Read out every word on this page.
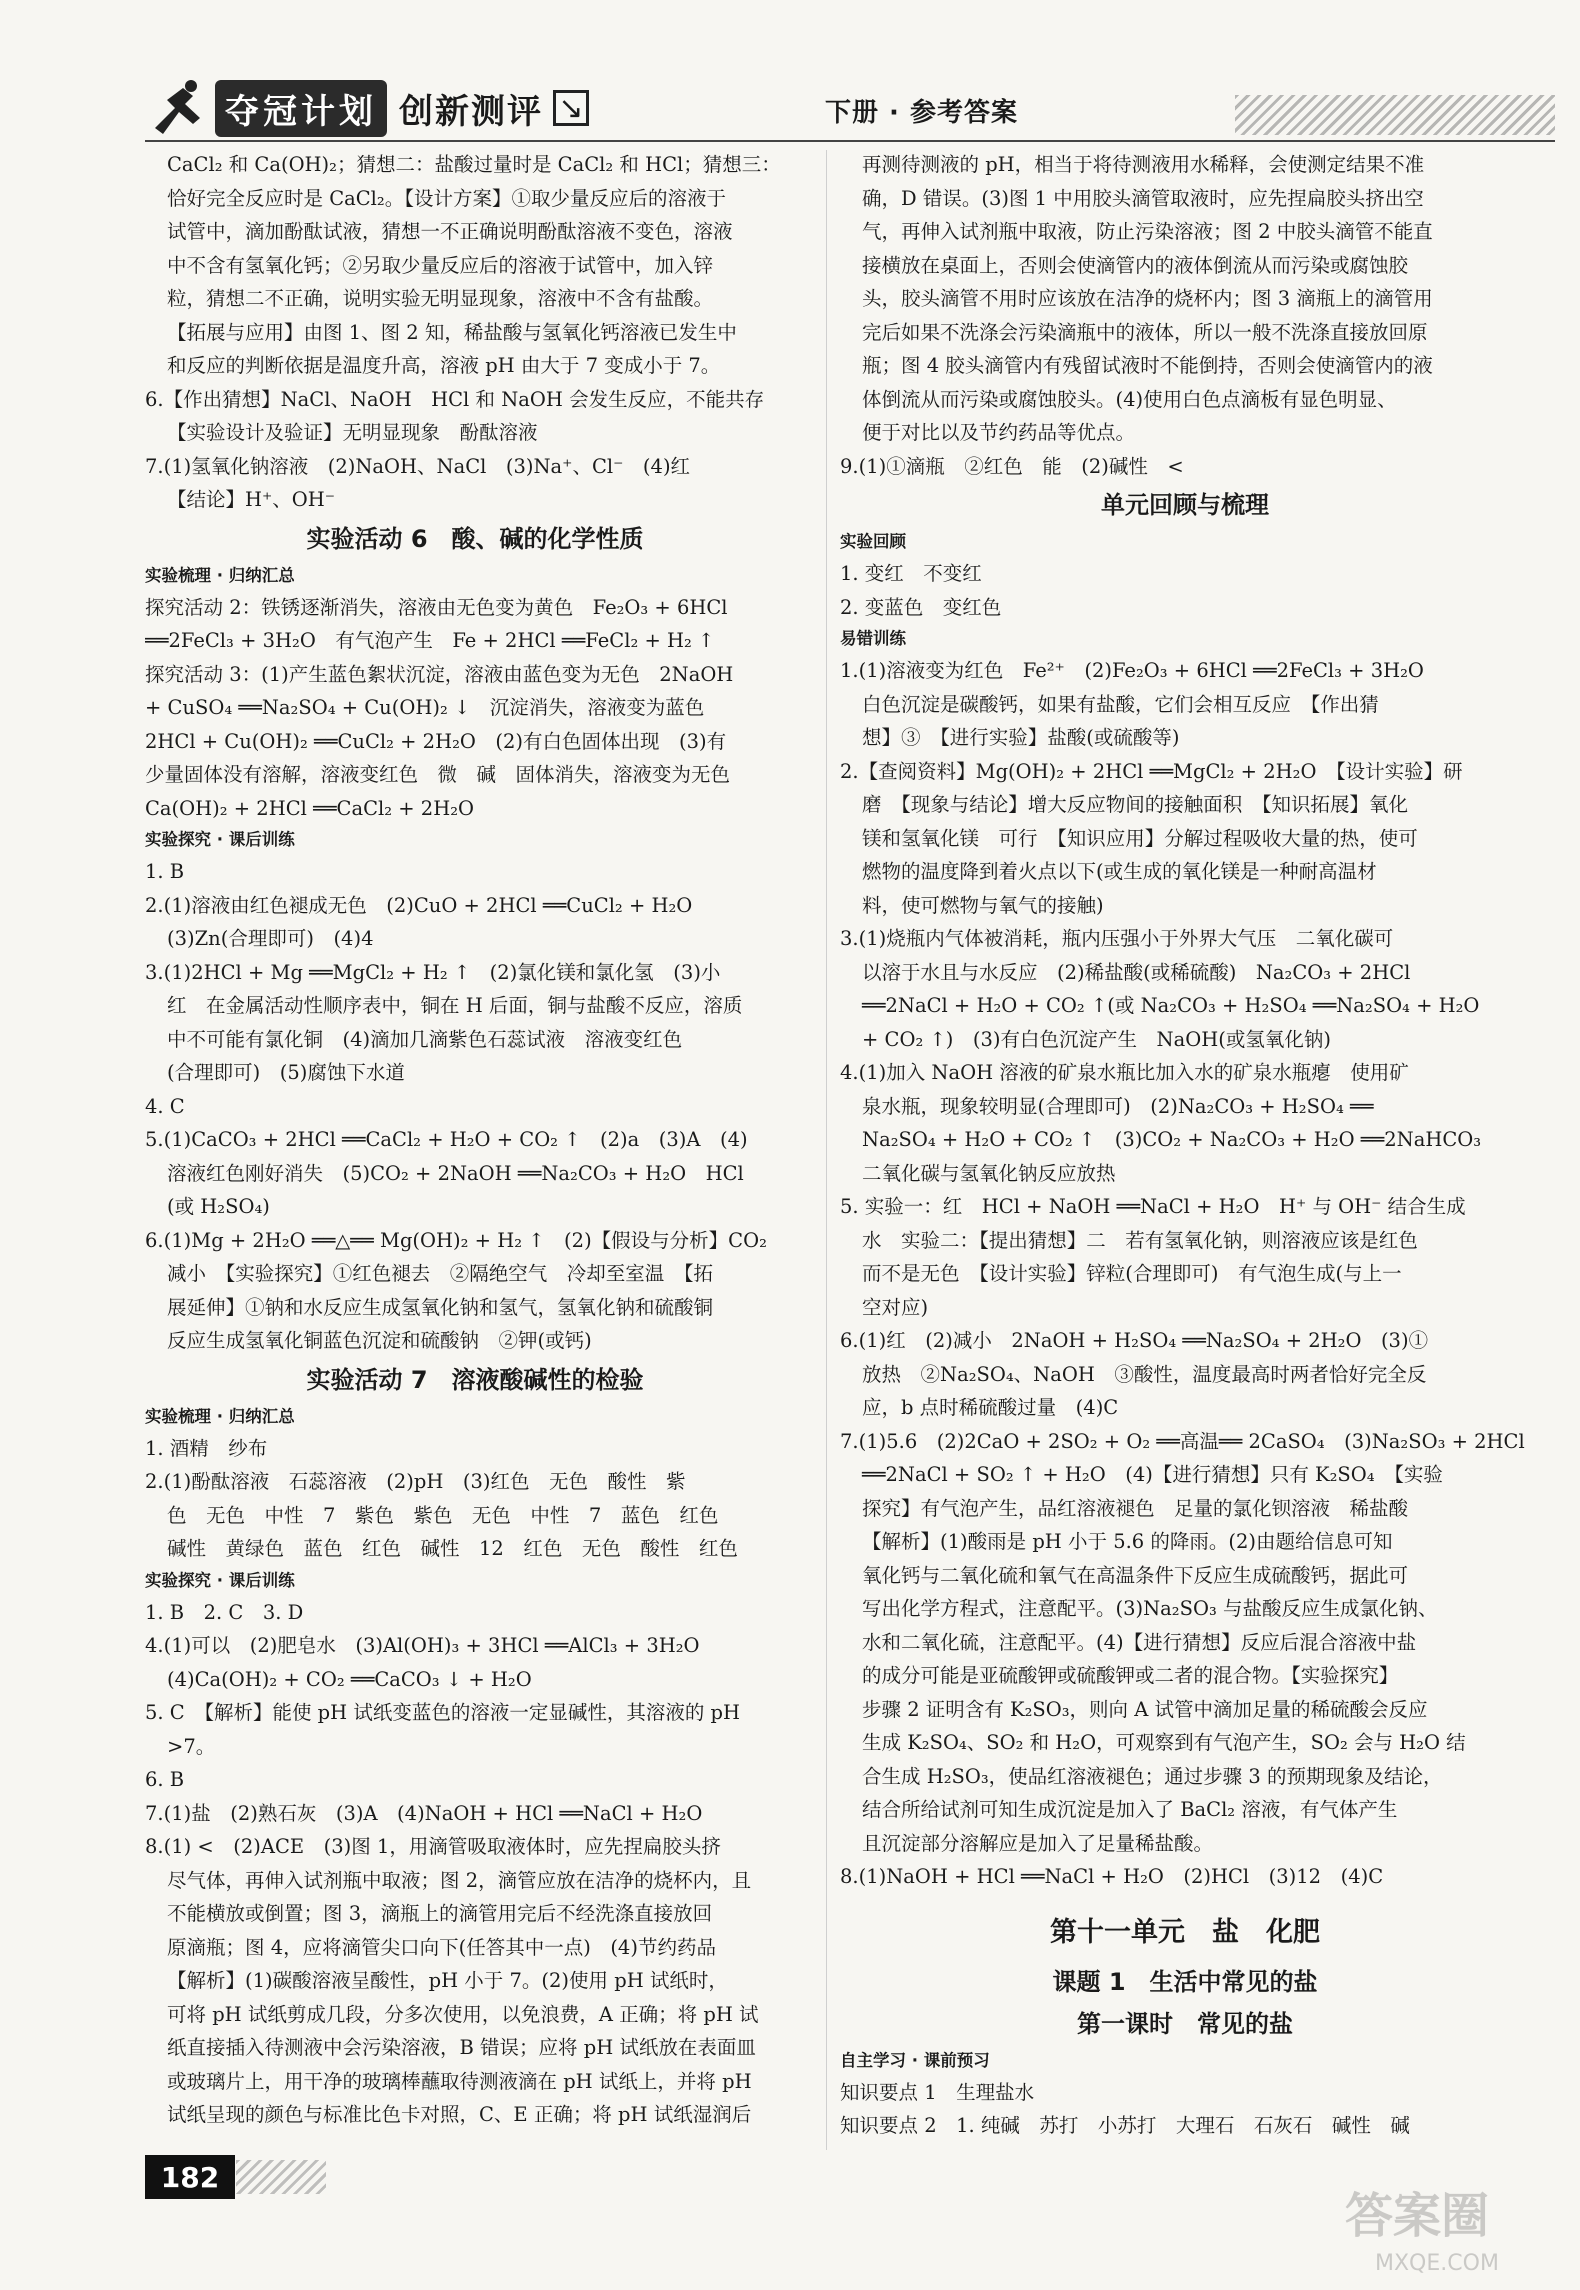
夺冠计划 创新测评 ↘	下册 · 参考答案
CaCl₂ 和 Ca(OH)₂；猜想二：盐酸过量时是 CaCl₂ 和 HCl；猜想三：
恰好完全反应时是 CaCl₂。【设计方案】①取少量反应后的溶液于
试管中，滴加酚酞试液，猜想一不正确说明酚酞溶液不变色，溶液
中不含有氢氧化钙；②另取少量反应后的溶液于试管中，加入锌
粒，猜想二不正确，说明实验无明显现象，溶液中不含有盐酸。
【拓展与应用】由图 1、图 2 知，稀盐酸与氢氧化钙溶液已发生中
和反应的判断依据是温度升高，溶液 pH 由大于 7 变成小于 7。
6.【作出猜想】NaCl、NaOH　HCl 和 NaOH 会发生反应，不能共存
【实验设计及验证】无明显现象　酚酞溶液
7.(1)氢氧化钠溶液　(2)NaOH、NaCl　(3)Na⁺、Cl⁻　(4)红
【结论】H⁺、OH⁻
实验活动 6　酸、碱的化学性质
实验梳理 · 归纳汇总
探究活动 2：铁锈逐渐消失，溶液由无色变为黄色　Fe₂O₃ + 6HCl
══2FeCl₃ + 3H₂O　有气泡产生　Fe + 2HCl ══FeCl₂ + H₂ ↑
探究活动 3：(1)产生蓝色絮状沉淀，溶液由蓝色变为无色　2NaOH
+ CuSO₄ ══Na₂SO₄ + Cu(OH)₂ ↓　沉淀消失，溶液变为蓝色
2HCl + Cu(OH)₂ ══CuCl₂ + 2H₂O　(2)有白色固体出现　(3)有
少量固体没有溶解，溶液变红色　微　碱　固体消失，溶液变为无色
Ca(OH)₂ + 2HCl ══CaCl₂ + 2H₂O
实验探究 · 课后训练
1. B
2.(1)溶液由红色褪成无色　(2)CuO + 2HCl ══CuCl₂ + H₂O
(3)Zn(合理即可)　(4)4
3.(1)2HCl + Mg ══MgCl₂ + H₂ ↑　(2)氯化镁和氯化氢　(3)小
红　在金属活动性顺序表中，铜在 H 后面，铜与盐酸不反应，溶质
中不可能有氯化铜　(4)滴加几滴紫色石蕊试液　溶液变红色
(合理即可)　(5)腐蚀下水道
4. C
5.(1)CaCO₃ + 2HCl ══CaCl₂ + H₂O + CO₂ ↑　(2)a　(3)A　(4)
溶液红色刚好消失　(5)CO₂ + 2NaOH ══Na₂CO₃ + H₂O　HCl
(或 H₂SO₄)
6.(1)Mg + 2H₂O ══△══ Mg(OH)₂ + H₂ ↑　(2)【假设与分析】CO₂
减小　【实验探究】①红色褪去　②隔绝空气　冷却至室温　【拓
展延伸】①钠和水反应生成氢氧化钠和氢气，氢氧化钠和硫酸铜
反应生成氢氧化铜蓝色沉淀和硫酸钠　②钾(或钙)
实验活动 7　溶液酸碱性的检验
实验梳理 · 归纳汇总
1. 酒精　纱布
2.(1)酚酞溶液　石蕊溶液　(2)pH　(3)红色　无色　酸性　紫
色　无色　中性　7　紫色　紫色　无色　中性　7　蓝色　红色
碱性　黄绿色　蓝色　红色　碱性　12　红色　无色　酸性　红色
实验探究 · 课后训练
1. B　2. C　3. D
4.(1)可以　(2)肥皂水　(3)Al(OH)₃ + 3HCl ══AlCl₃ + 3H₂O
(4)Ca(OH)₂ + CO₂ ══CaCO₃ ↓ + H₂O
5. C　【解析】能使 pH 试纸变蓝色的溶液一定显碱性，其溶液的 pH
>7。
6. B
7.(1)盐　(2)熟石灰　(3)A　(4)NaOH + HCl ══NaCl + H₂O
8.(1) <　(2)ACE　(3)图 1，用滴管吸取液体时，应先捏扁胶头挤
尽气体，再伸入试剂瓶中取液；图 2，滴管应放在洁净的烧杯内，且
不能横放或倒置；图 3，滴瓶上的滴管用完后不经洗涤直接放回
原滴瓶；图 4，应将滴管尖口向下(任答其中一点)　(4)节约药品
【解析】(1)碳酸溶液呈酸性，pH 小于 7。(2)使用 pH 试纸时，
可将 pH 试纸剪成几段，分多次使用，以免浪费，A 正确；将 pH 试
纸直接插入待测液中会污染溶液，B 错误；应将 pH 试纸放在表面皿
或玻璃片上，用干净的玻璃棒蘸取待测液滴在 pH 试纸上，并将 pH
试纸呈现的颜色与标准比色卡对照，C、E 正确；将 pH 试纸湿润后
再测待测液的 pH，相当于将待测液用水稀释，会使测定结果不准
确，D 错误。(3)图 1 中用胶头滴管取液时，应先捏扁胶头挤出空
气，再伸入试剂瓶中取液，防止污染溶液；图 2 中胶头滴管不能直
接横放在桌面上，否则会使滴管内的液体倒流从而污染或腐蚀胶
头，胶头滴管不用时应该放在洁净的烧杯内；图 3 滴瓶上的滴管用
完后如果不洗涤会污染滴瓶中的液体，所以一般不洗涤直接放回原
瓶；图 4 胶头滴管内有残留试液时不能倒持，否则会使滴管内的液
体倒流从而污染或腐蚀胶头。(4)使用白色点滴板有显色明显、
便于对比以及节约药品等优点。
9.(1)①滴瓶　②红色　能　(2)碱性　<
单元回顾与梳理
实验回顾
1. 变红　不变红
2. 变蓝色　变红色
易错训练
1.(1)溶液变为红色　Fe²⁺　(2)Fe₂O₃ + 6HCl ══2FeCl₃ + 3H₂O
白色沉淀是碳酸钙，如果有盐酸，它们会相互反应　【作出猜
想】③　【进行实验】盐酸(或硫酸等)
2.【查阅资料】Mg(OH)₂ + 2HCl ══MgCl₂ + 2H₂O　【设计实验】研
磨　【现象与结论】增大反应物间的接触面积　【知识拓展】氧化
镁和氢氧化镁　可行　【知识应用】分解过程吸收大量的热，使可
燃物的温度降到着火点以下(或生成的氧化镁是一种耐高温材
料，使可燃物与氧气的接触)
3.(1)烧瓶内气体被消耗，瓶内压强小于外界大气压　二氧化碳可
以溶于水且与水反应　(2)稀盐酸(或稀硫酸)　Na₂CO₃ + 2HCl
══2NaCl + H₂O + CO₂ ↑(或 Na₂CO₃ + H₂SO₄ ══Na₂SO₄ + H₂O
+ CO₂ ↑)　(3)有白色沉淀产生　NaOH(或氢氧化钠)
4.(1)加入 NaOH 溶液的矿泉水瓶比加入水的矿泉水瓶瘪　使用矿
泉水瓶，现象较明显(合理即可)　(2)Na₂CO₃ + H₂SO₄ ══
Na₂SO₄ + H₂O + CO₂ ↑　(3)CO₂ + Na₂CO₃ + H₂O ══2NaHCO₃
二氧化碳与氢氧化钠反应放热
5. 实验一：红　HCl + NaOH ══NaCl + H₂O　H⁺ 与 OH⁻ 结合生成
水　实验二：【提出猜想】二　若有氢氧化钠，则溶液应该是红色
而不是无色　【设计实验】锌粒(合理即可)　有气泡生成(与上一
空对应)
6.(1)红　(2)减小　2NaOH + H₂SO₄ ══Na₂SO₄ + 2H₂O　(3)①
放热　②Na₂SO₄、NaOH　③酸性，温度最高时两者恰好完全反
应，b 点时稀硫酸过量　(4)C
7.(1)5.6　(2)2CaO + 2SO₂ + O₂ ══高温══ 2CaSO₄　(3)Na₂SO₃ + 2HCl
══2NaCl + SO₂ ↑ + H₂O　(4)【进行猜想】只有 K₂SO₄　【实验
探究】有气泡产生，品红溶液褪色　足量的氯化钡溶液　稀盐酸
【解析】(1)酸雨是 pH 小于 5.6 的降雨。(2)由题给信息可知
氧化钙与二氧化硫和氧气在高温条件下反应生成硫酸钙，据此可
写出化学方程式，注意配平。(3)Na₂SO₃ 与盐酸反应生成氯化钠、
水和二氧化硫，注意配平。(4)【进行猜想】反应后混合溶液中盐
的成分可能是亚硫酸钾或硫酸钾或二者的混合物。【实验探究】
步骤 2 证明含有 K₂SO₃，则向 A 试管中滴加足量的稀硫酸会反应
生成 K₂SO₄、SO₂ 和 H₂O，可观察到有气泡产生，SO₂ 会与 H₂O 结
合生成 H₂SO₃，使品红溶液褪色；通过步骤 3 的预期现象及结论，
结合所给试剂可知生成沉淀是加入了 BaCl₂ 溶液，有气体产生
且沉淀部分溶解应是加入了足量稀盐酸。
8.(1)NaOH + HCl ══NaCl + H₂O　(2)HCl　(3)12　(4)C
第十一单元　盐　化肥
课题 1　生活中常见的盐
第一课时　常见的盐
自主学习 · 课前预习
知识要点 1　生理盐水
知识要点 2　1. 纯碱　苏打　小苏打　大理石　石灰石　碱性　碱
182
答案圈
MXQE.COM
